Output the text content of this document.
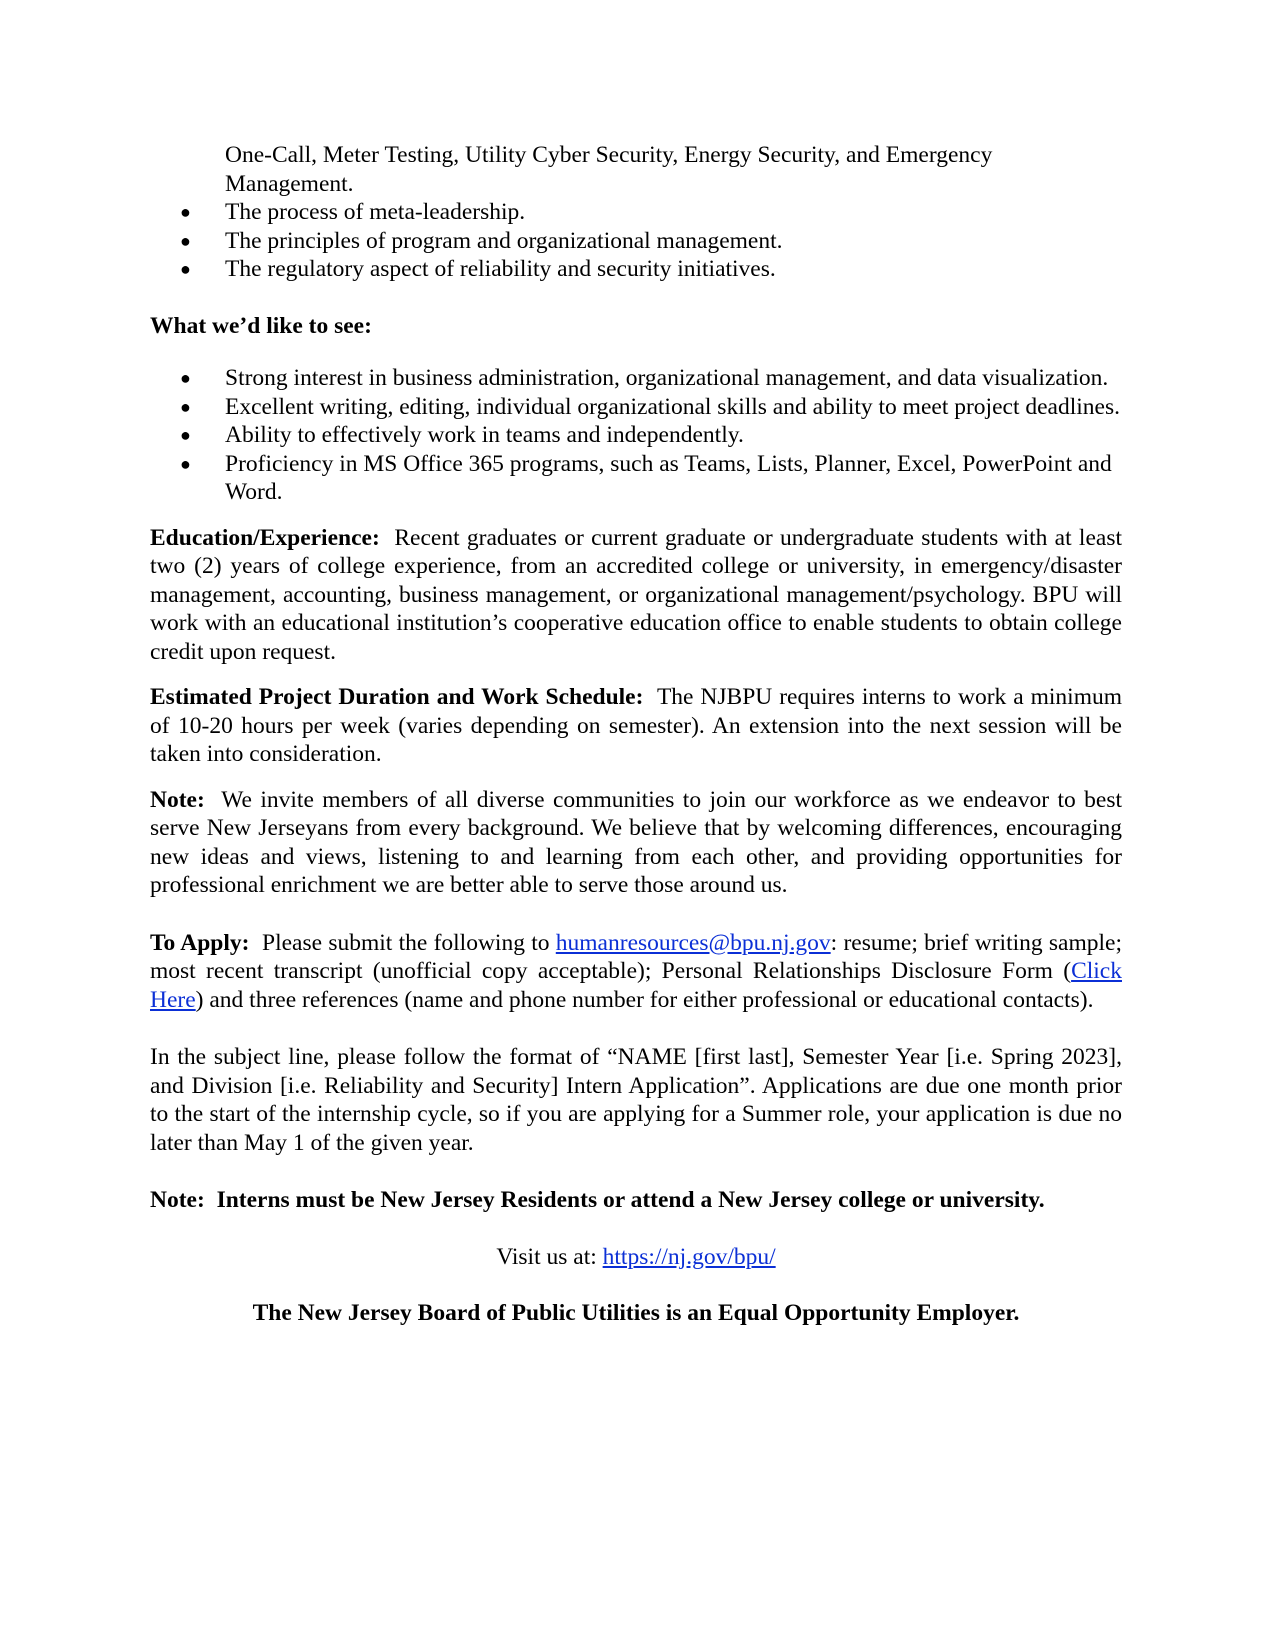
One-Call, Meter Testing, Utility Cyber Security, Energy Security, and Emergency Management.

● The process of meta-leadership.
● The principles of program and organizational management.
● The regulatory aspect of reliability and security initiatives.

What we’d like to see:

● Strong interest in business administration, organizational management, and data visualization.
● Excellent writing, editing, individual organizational skills and ability to meet project deadlines.
● Ability to effectively work in teams and independently.
● Proficiency in MS Office 365 programs, such as Teams, Lists, Planner, Excel, PowerPoint and Word.

Education/Experience: Recent graduates or current graduate or undergraduate students with at least two (2) years of college experience, from an accredited college or university, in emergency/disaster management, accounting, business management, or organizational management/psychology. BPU will work with an educational institution’s cooperative education office to enable students to obtain college credit upon request.

Estimated Project Duration and Work Schedule: The NJBPU requires interns to work a minimum of 10-20 hours per week (varies depending on semester). An extension into the next session will be taken into consideration.

Note: We invite members of all diverse communities to join our workforce as we endeavor to best serve New Jerseyans from every background. We believe that by welcoming differences, encouraging new ideas and views, listening to and learning from each other, and providing opportunities for professional enrichment we are better able to serve those around us.

To Apply: Please submit the following to humanresources@bpu.nj.gov: resume; brief writing sample; most recent transcript (unofficial copy acceptable); Personal Relationships Disclosure Form (Click Here) and three references (name and phone number for either professional or educational contacts).

In the subject line, please follow the format of “NAME [first last], Semester Year [i.e. Spring 2023], and Division [i.e. Reliability and Security] Intern Application”. Applications are due one month prior to the start of the internship cycle, so if you are applying for a Summer role, your application is due no later than May 1 of the given year.

Note: Interns must be New Jersey Residents or attend a New Jersey college or university.

Visit us at: https://nj.gov/bpu/

The New Jersey Board of Public Utilities is an Equal Opportunity Employer.
